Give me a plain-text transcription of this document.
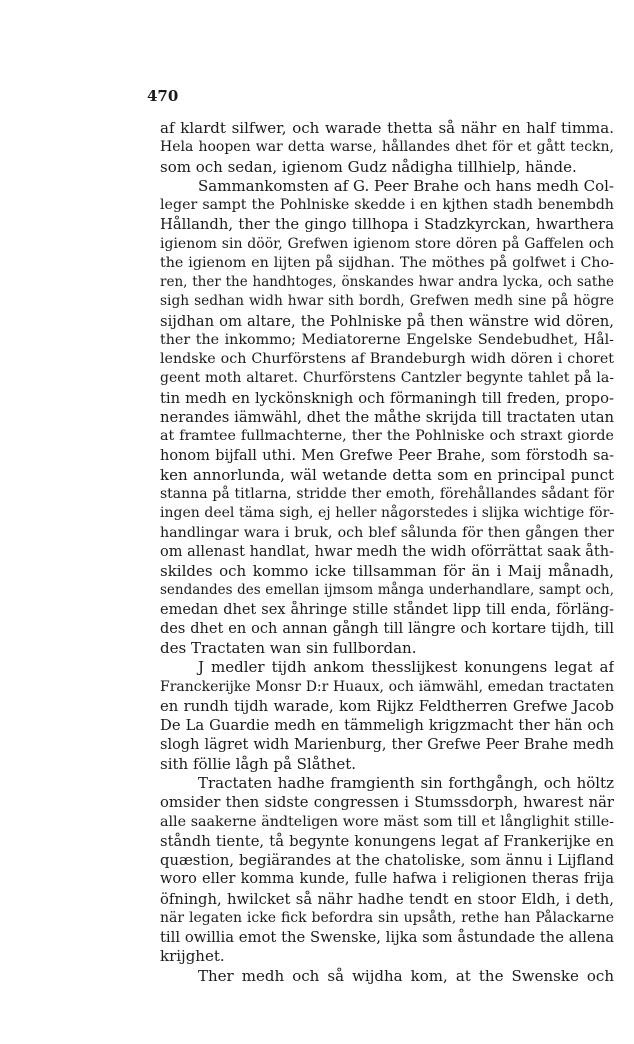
470
af klardt silfwer, och warade thetta så nähr en half timma.
Hela hoopen war detta warse, hållandes dhet för et gått teckn,
som och sedan, igienom Gudz nådigha tillhielp, hände.
Sammankomsten af G. Peer Brahe och hans medh Col-
leger sampt the Pohlniske skedde i en kjthen stadh benembdh
Hållandh, ther the gingo tillhopa i Stadzkyrckan, hwarthera
igienom sin döör, Grefwen igienom store dören på Gaffelen och
the igienom en lijten på sijdhan. The möthes på golfwet i Cho-
ren, ther the handhtoges, önskandes hwar andra lycka, och sathe
sigh sedhan widh hwar sith bordh, Grefwen medh sine på högre
sijdhan om altare, the Pohlniske på then wänstre wid dören,
ther the inkommo; Mediatorerne Engelske Sendebudhet, Hål-
lendske och Churförstens af Brandeburgh widh dören i choret
geent moth altaret. Churförstens Cantzler begynte tahlet på la-
tin medh en lyckönsknigh och förmaningh till freden, propo-
nerandes iämwähl, dhet the måthe skrijda till tractaten utan
at framtee fullmachterne, ther the Pohlniske och straxt giorde
honom bijfall uthi. Men Grefwe Peer Brahe, som förstodh sa-
ken annorlunda, wäl wetande detta som en principal punct
stanna på titlarna, stridde ther emoth, förehållandes sådant för
ingen deel täma sigh, ej heller någorstedes i slijka wichtige för-
handlingar wara i bruk, och blef sålunda för then gången ther
om allenast handlat, hwar medh the widh oförrättat saak åth-
skildes och kommo icke tillsamman för än i Maij månadh,
sendandes des emellan ijmsom många underhandlare, sampt och,
emedan dhet sex åhringe stille ståndet lipp till enda, förläng-
des dhet en och annan gångh till längre och kortare tijdh, till
des Tractaten wan sin fullbordan.
J medler tijdh ankom thesslijkest konungens legat af
Franckerijke Monsr D:r Huaux, och iämwähl, emedan tractaten
en rundh tijdh warade, kom Rijkz Feldtherren Grefwe Jacob
De La Guardie medh en tämmeligh krigzmacht ther hän och
slogh lägret widh Marienburg, ther Grefwe Peer Brahe medh
sith föllie lågh på Slåthet.
Tractaten hadhe framgienth sin forthgångh, och höltz
omsider then sidste congressen i Stumssdorph, hwarest när
alle saakerne ändteligen wore mäst som till et långlighit stille-
ståndh tiente, tå begynte konungens legat af Frankerijke en
quæstion, begiärandes at the chatoliske, som ännu i Lijfland
woro eller komma kunde, fulle hafwa i religionen theras frija
öfningh, hwilcket så nähr hadhe tendt en stoor Eldh, i deth,
när legaten icke fick befordra sin upsåth, rethe han Pålackarne
till owillia emot the Swenske, lijka som åstundade the allena
krijghet.
Ther medh och så wijdha kom, at the Swenske och
